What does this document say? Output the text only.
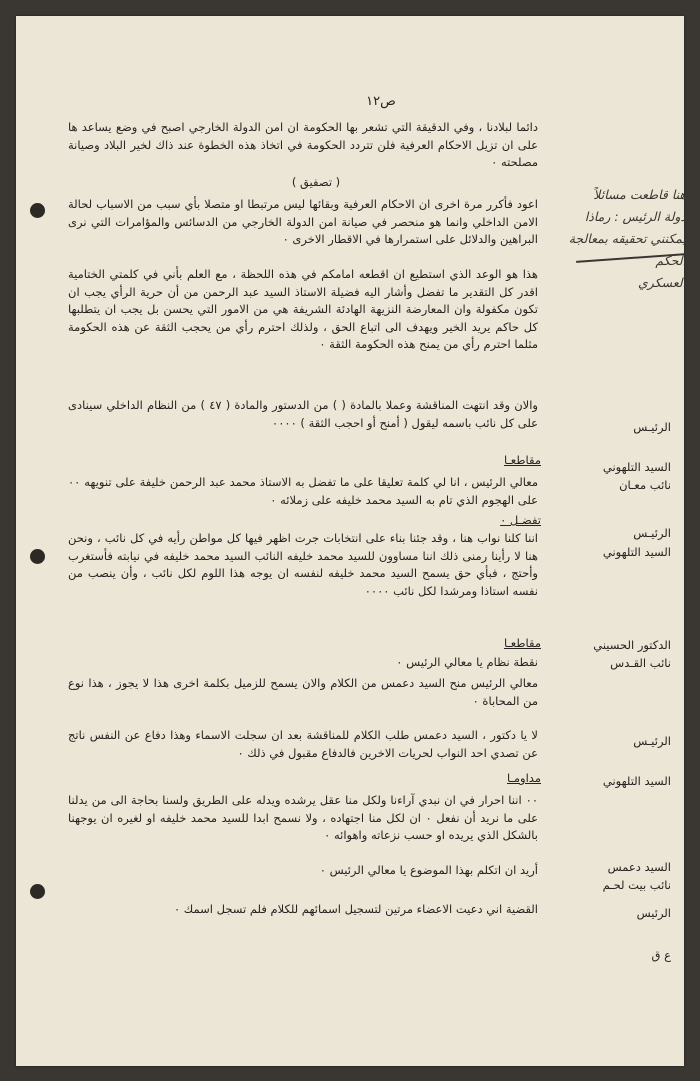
ص١٢
هنا قاطعت مسائلاً
دولة الرئيس : رماذا
يمكنني تحقيقه بمعالجة الحكم
العسكري
دائما لبلادنا ، وفي الدقيقة التي تشعر بها الحكومة ان امن الدولة الخارجي اصبح في وضع يساعد ها على ان تزيل الاحكام العرفية فلن تتردد الحكومة في اتخاذ هذه الخطوة عند ذاك لخير البلاد وصيانة مصلحته ٠
( تصفيق )
اعود فأكرر مرة اخرى ان الاحكام العرفية وبقائها ليس مرتبطا او متصلا بأي سبب من الاسباب لحالة الامن الداخلي وانما هو منحصر في صيانة امن الدولة الخارجي من الدسائس والمؤامرات التي نرى البراهين والدلائل على استمرارها في الاقطار الاخرى ٠
هذا هو الوعد الذي استطيع ان اقطعه امامكم في هذه اللحظة ، مع العلم بأني في كلمتي الختامية اقدر كل التقدير ما تفضل وأشار اليه فضيلة الاستاذ السيد عبد الرحمن من أن حرية الرأي يجب ان تكون مكفولة وان المعارضة النزيهة الهادئة الشريفة هي من الامور التي يحسن بل يجب ان يتطلبها كل حاكم يريد الخير ويهدف الى اتباع الحق ، ولذلك احترم رأي من يحجب الثقة عن هذه الحكومة مثلما احترم رأي من يمنح هذه الحكومة الثقة ٠
والان وقد انتهت المناقشة وعملا بالمادة ( ) من الدستور والمادة ( ٤٧ ) من النظام الداخلي سينادى على كل نائب باسمه ليقول ( أمنح أو احجب الثقة ) ٠٠٠٠
مقاطعـا
معالي الرئيس ، انا لي كلمة تعليقا على ما تفضل به الاستاذ محمد عبد الرحمن خليفة على تنويهه ٠٠ على الهجوم الذي تام به السيد محمد خليفه على زملائه ٠
تفضـل ٠
اننا كلنا نواب هنا ، وقد جئنا بناء على انتخابات جرت اظهر فيها كل مواطن رأيه في كل نائب ، ونحن هنا لا رأينا رمنى ذلك اننا مساوون للسيد محمد خليفه النائب السيد محمد خليفه في نيابته فأستغرب وأحتج ، فبأي حق يسمح السيد محمد خليفه لنفسه ان يوجه هذا اللوم لكل نائب ، وأن ينصب من نفسه استاذا ومرشدا لكل نائب ٠٠٠٠
مقاطعـا
نقطة نظام يا معالي الرئيس ٠
معالي الرئيس منح السيد دعمس من الكلام والان يسمح للزميل بكلمة اخرى هذا لا يجوز ، هذا نوع من المحاباة ٠
لا يا دكتور ، السيد دعمس طلب الكلام للمناقشة بعد ان سجلت الاسماء وهذا دفاع عن النفس ناتج عن تصدي احد النواب لحريات الاخرين فالدفاع مقبول في ذلك ٠
مداومـا
٠٠ اننا احرار في ان نبدي آراءنا ولكل منا عقل يرشده ويدله على الطريق ولسنا بحاجة الى من يدلنا على ما نريد أن نفعل ٠ ان لكل منا اجتهاده ، ولا نسمح ابدا للسيد محمد خليفه او لغيره ان يوجهنا بالشكل الذي يريده او حسب نزعاته واهوائه ٠
أريد ان اتكلم بهذا الموضوع يا معالي الرئيس ٠
القضية اني دعيت الاعضاء مرتين لتسجيل اسمائهم للكلام فلم تسجل اسمك ٠
الرئيـس
السيد التلهوني
نائب معـان
الرئيـس
السيد التلهوني
الدكتور الحسيني
نائب القـدس
الرئيـس
السيد التلهوني
السيد دعمس
نائب بيت لحـم
الرئيس
ع ق
